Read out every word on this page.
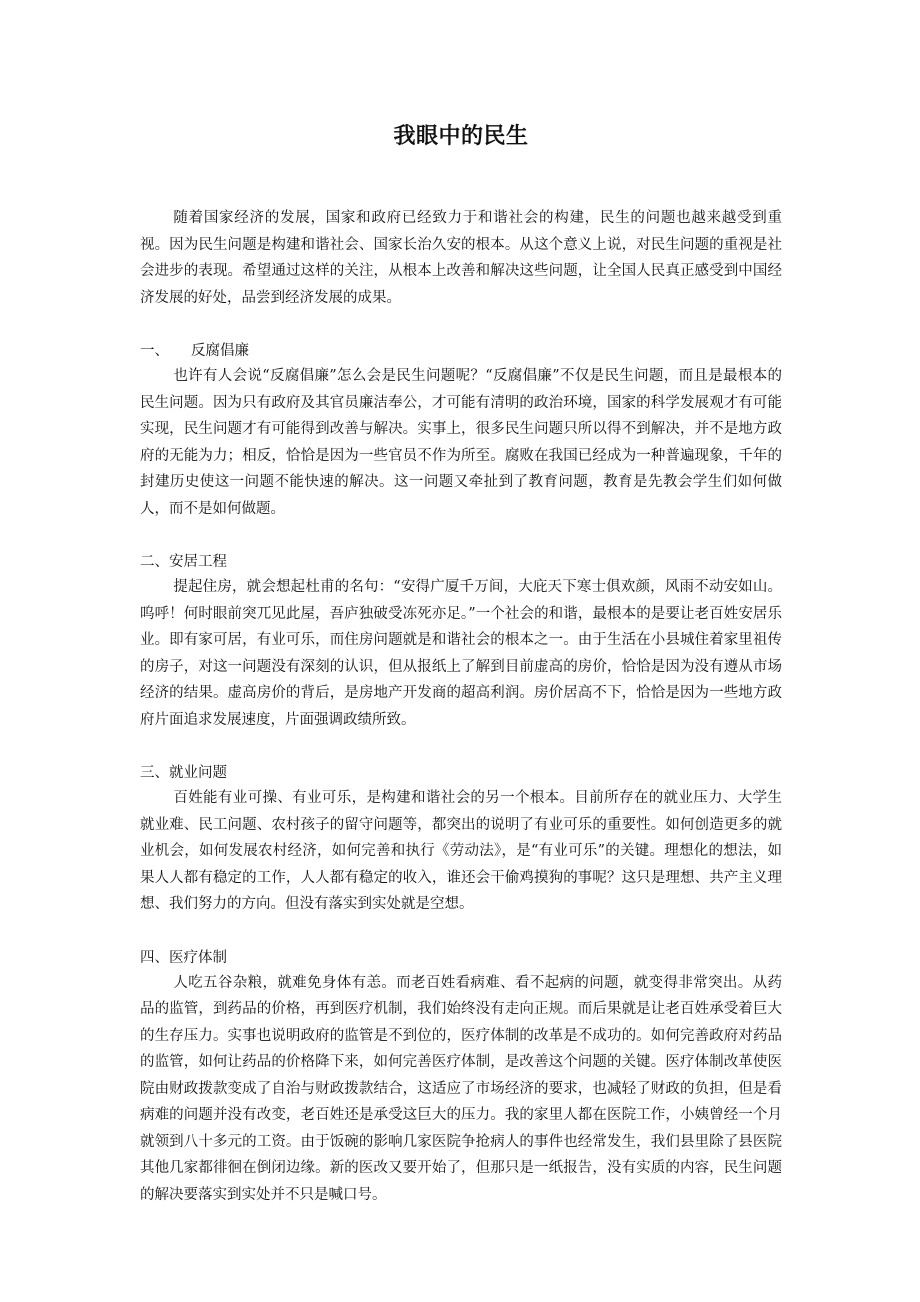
我眼中的民生

随着国家经济的发展，国家和政府已经致力于和谐社会的构建，民生的问题也越来越受到重视。因为民生问题是构建和谐社会、国家长治久安的根本。从这个意义上说，对民生问题的重视是社会进步的表现。希望通过这样的关注，从根本上改善和解决这些问题，让全国人民真正感受到中国经济发展的好处，品尝到经济发展的成果。

一、 反腐倡廉

也许有人会说“反腐倡廉”怎么会是民生问题呢？“反腐倡廉”不仅是民生问题，而且是最根本的民生问题。因为只有政府及其官员廉洁奉公，才可能有清明的政治环境，国家的科学发展观才有可能实现，民生问题才有可能得到改善与解决。实事上，很多民生问题只所以得不到解决，并不是地方政府的无能为力；相反，恰恰是因为一些官员不作为所至。腐败在我国已经成为一种普遍现象，千年的封建历史使这一问题不能快速的解决。这一问题又牵扯到了教育问题，教育是先教会学生们如何做人，而不是如何做题。

二、安居工程

提起住房，就会想起杜甫的名句：“安得广厦千万间，大庇天下寒士俱欢颜，风雨不动安如山。呜呼！何时眼前突兀见此屋，吾庐独破受冻死亦足。”一个社会的和谐，最根本的是要让老百姓安居乐业。即有家可居，有业可乐，而住房问题就是和谐社会的根本之一。由于生活在小县城住着家里祖传的房子，对这一问题没有深刻的认识，但从报纸上了解到目前虚高的房价，恰恰是因为没有遵从市场经济的结果。虚高房价的背后，是房地产开发商的超高利润。房价居高不下，恰恰是因为一些地方政府片面追求发展速度，片面强调政绩所致。

三、就业问题

百姓能有业可操、有业可乐，是构建和谐社会的另一个根本。目前所存在的就业压力、大学生就业难、民工问题、农村孩子的留守问题等，都突出的说明了有业可乐的重要性。如何创造更多的就业机会，如何发展农村经济，如何完善和执行《劳动法》，是“有业可乐”的关键。理想化的想法，如果人人都有稳定的工作，人人都有稳定的收入，谁还会干偷鸡摸狗的事呢？这只是理想、共产主义理想、我们努力的方向。但没有落实到实处就是空想。

四、医疗体制

人吃五谷杂粮，就难免身体有恙。而老百姓看病难、看不起病的问题，就变得非常突出。从药品的监管，到药品的价格，再到医疗机制，我们始终没有走向正规。而后果就是让老百姓承受着巨大的生存压力。实事也说明政府的监管是不到位的，医疗体制的改革是不成功的。如何完善政府对药品的监管，如何让药品的价格降下来，如何完善医疗体制，是改善这个问题的关键。医疗体制改革使医院由财政拨款变成了自治与财政拨款结合，这适应了市场经济的要求，也减轻了财政的负担，但是看病难的问题并没有改变，老百姓还是承受这巨大的压力。我的家里人都在医院工作，小姨曾经一个月就领到八十多元的工资。由于饭碗的影响几家医院争抢病人的事件也经常发生，我们县里除了县医院其他几家都徘徊在倒闭边缘。新的医改又要开始了，但那只是一纸报告，没有实质的内容，民生问题的解决要落实到实处并不只是喊口号。
